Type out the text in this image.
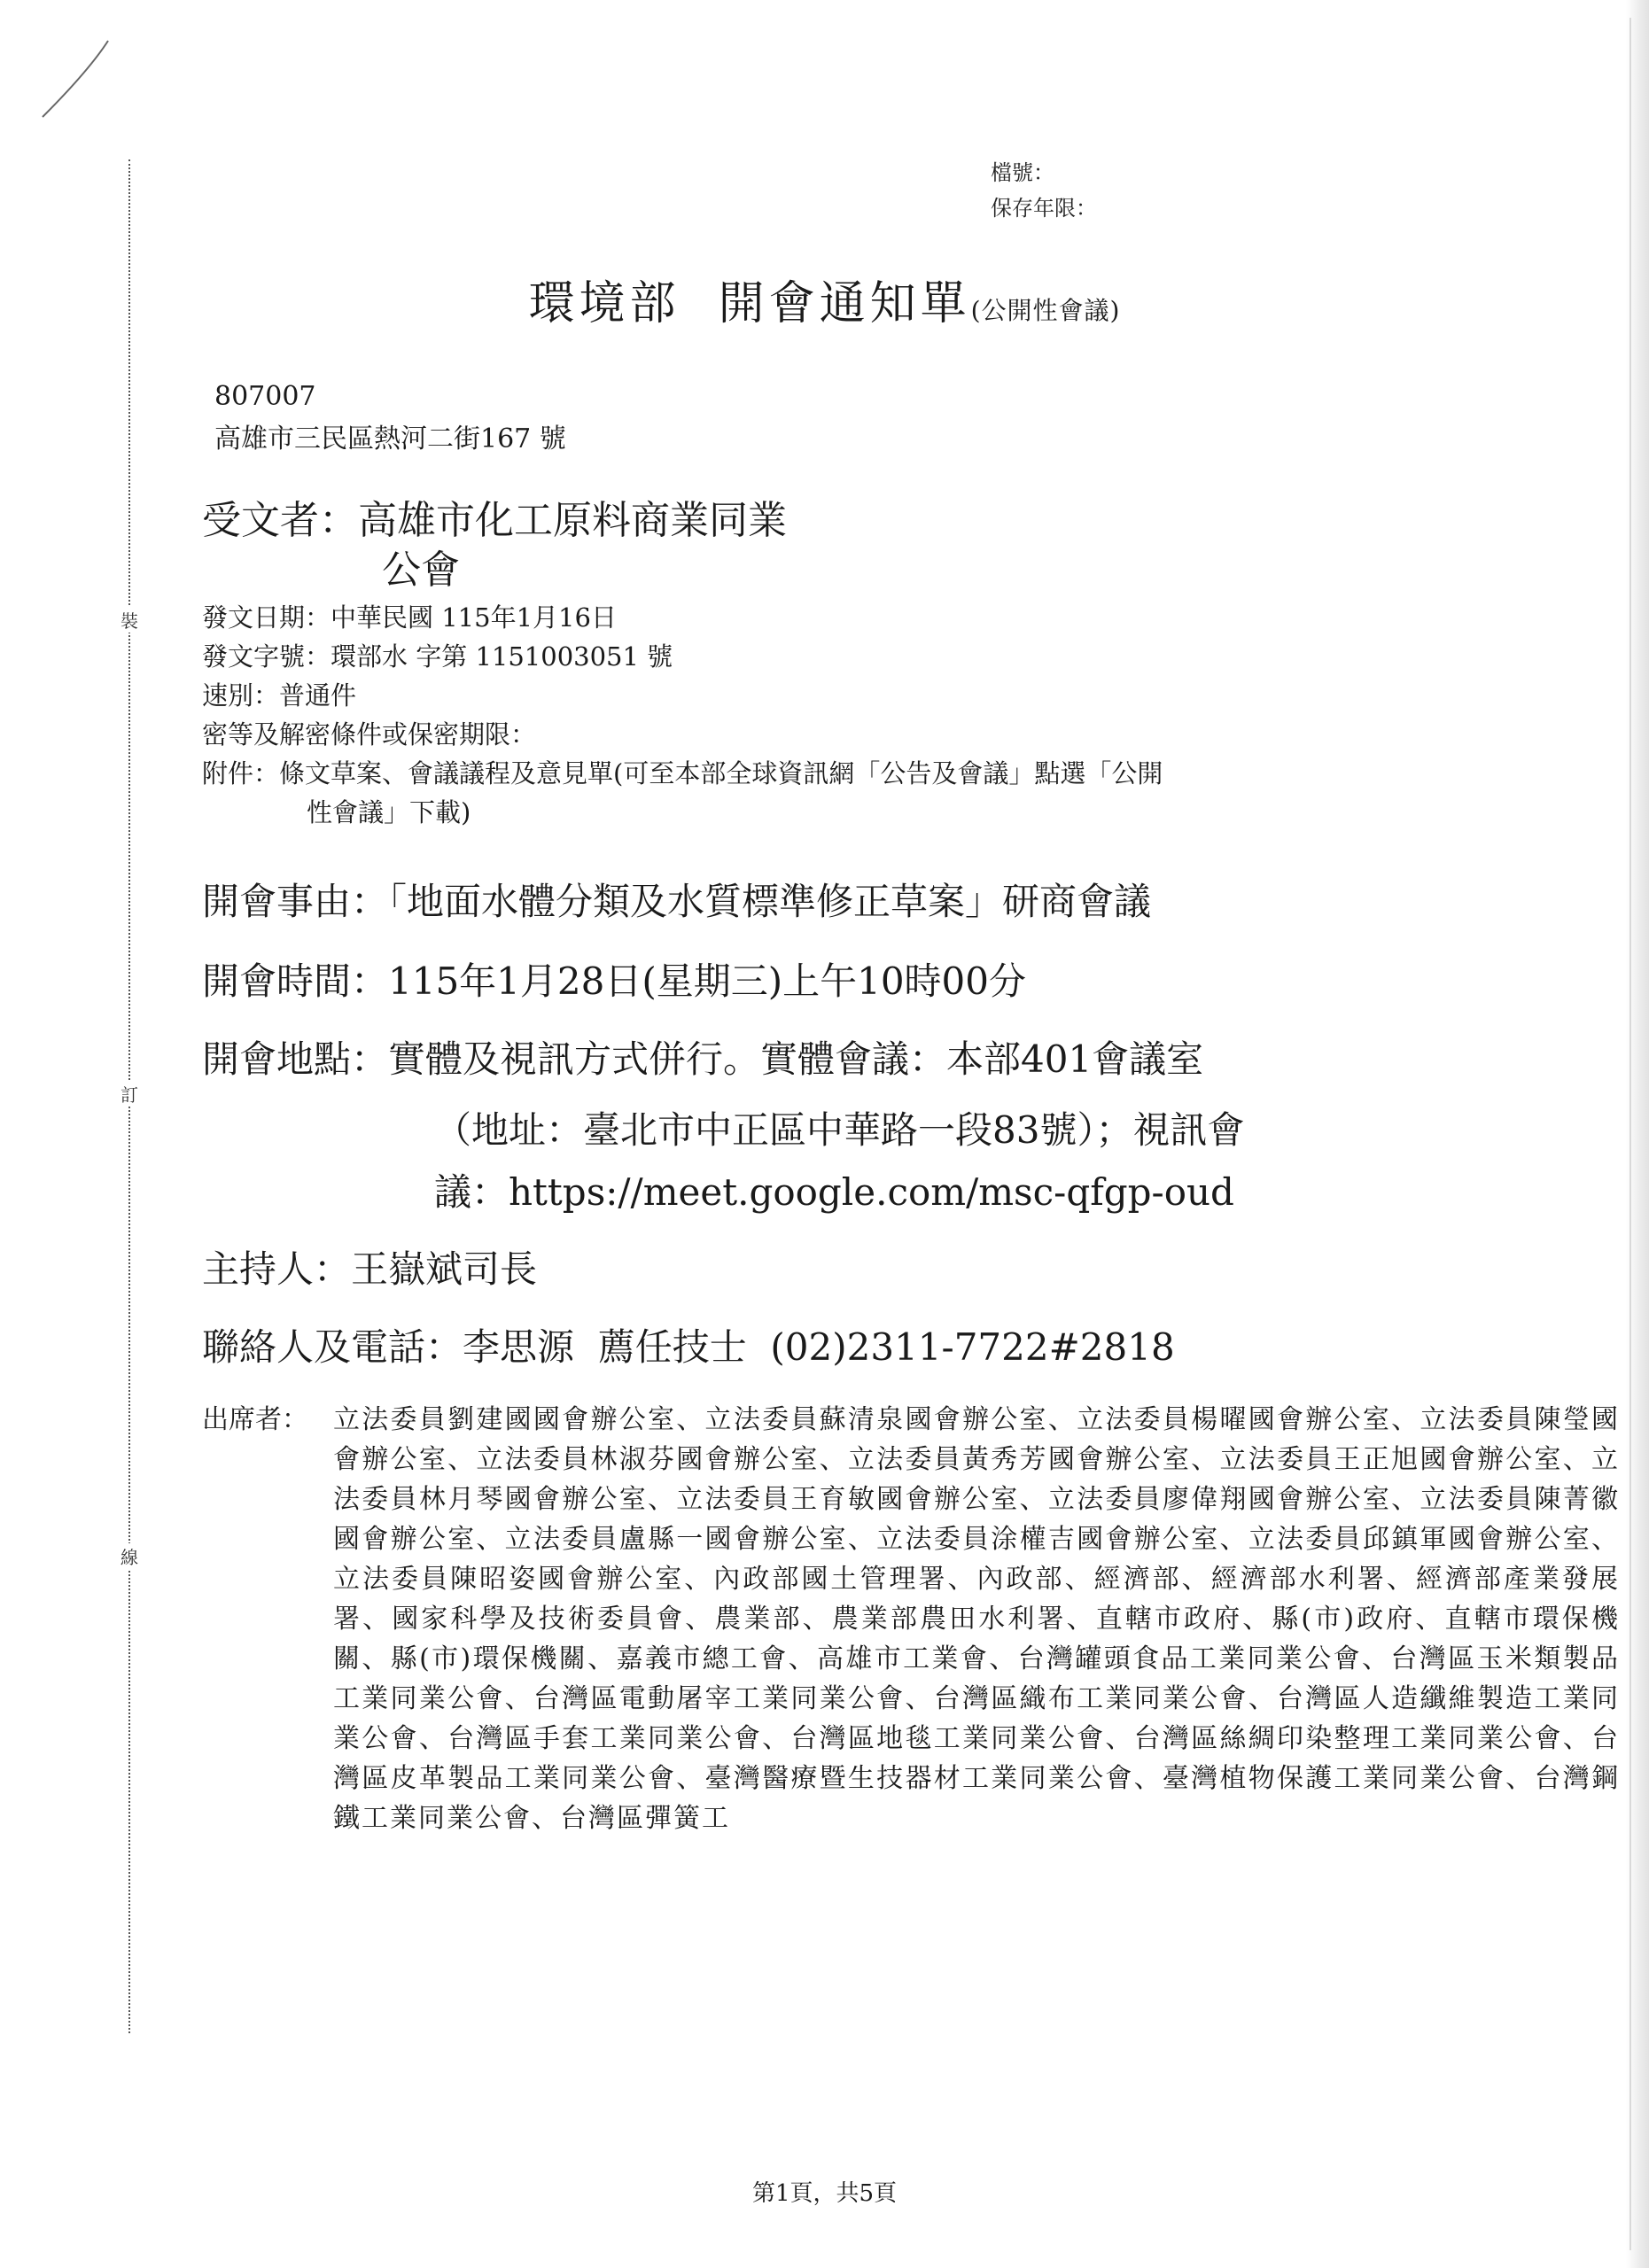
裝
訂
線
檔號：
保存年限：
環境部  開會通知單(公開性會議)
807007
高雄市三民區熱河二街167 號
受文者：高雄市化工原料商業同業
公會
發文日期：中華民國 115年1月16日
發文字號：環部水 字第 1151003051 號
速別：普通件
密等及解密條件或保密期限：
附件：條文草案、會議議程及意見單(可至本部全球資訊網「公告及會議」點選「公開
性會議」下載)
開會事由：「地面水體分類及水質標準修正草案」研商會議
開會時間：115年1月28日(星期三)上午10時00分
開會地點：實體及視訊方式併行。實體會議：本部401會議室
（地址：臺北市中正區中華路一段83號）；視訊會
議：https://meet.google.com/msc-qfgp-oud
主持人：王嶽斌司長
聯絡人及電話：李思源  薦任技士  (02)2311-7722#2818
出席者： 立法委員劉建國國會辦公室、立法委員蘇清泉國會辦公室、立法委員楊曜國會辦公室、立法委員陳瑩國會辦公室、立法委員林淑芬國會辦公室、立法委員黃秀芳國會辦公室、立法委員王正旭國會辦公室、立法委員林月琴國會辦公室、立法委員王育敏國會辦公室、立法委員廖偉翔國會辦公室、立法委員陳菁徽國會辦公室、立法委員盧縣一國會辦公室、立法委員涂權吉國會辦公室、立法委員邱鎮軍國會辦公室、立法委員陳昭姿國會辦公室、內政部國土管理署、內政部、經濟部、經濟部水利署、經濟部產業發展署、國家科學及技術委員會、農業部、農業部農田水利署、直轄市政府、縣(市)政府、直轄市環保機關、縣(市)環保機關、嘉義市總工會、高雄市工業會、台灣罐頭食品工業同業公會、台灣區玉米類製品工業同業公會、台灣區電動屠宰工業同業公會、台灣區織布工業同業公會、台灣區人造纖維製造工業同業公會、台灣區手套工業同業公會、台灣區地毯工業同業公會、台灣區絲綢印染整理工業同業公會、台灣區皮革製品工業同業公會、臺灣醫療暨生技器材工業同業公會、臺灣植物保護工業同業公會、台灣鋼鐵工業同業公會、台灣區彈簧工
第1頁，共5頁
